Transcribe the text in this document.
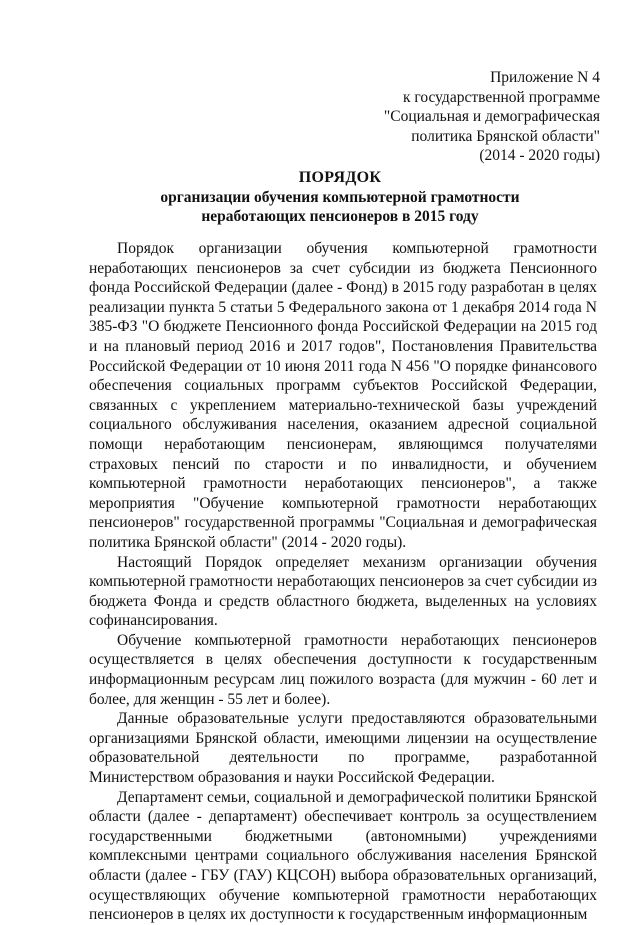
Приложение N 4
к государственной программе
"Социальная и демографическая
политика Брянской области"
(2014 - 2020 годы)
ПОРЯДОК
организации обучения компьютерной грамотности
неработающих пенсионеров в 2015 году

Порядок организации обучения компьютерной грамотности неработающих пенсионеров за счет субсидии из бюджета Пенсионного фонда Российской Федерации (далее - Фонд) в 2015 году разработан в целях реализации пункта 5 статьи 5 Федерального закона от 1 декабря 2014 года N 385-ФЗ "О бюджете Пенсионного фонда Российской Федерации на 2015 год и на плановый период 2016 и 2017 годов", Постановления Правительства Российской Федерации от 10 июня 2011 года N 456 "О порядке финансового обеспечения социальных программ субъектов Российской Федерации, связанных с укреплением материально-технической базы учреждений социального обслуживания населения, оказанием адресной социальной помощи неработающим пенсионерам, являющимся получателями страховых пенсий по старости и по инвалидности, и обучением компьютерной грамотности неработающих пенсионеров", а также мероприятия "Обучение компьютерной грамотности неработающих пенсионеров" государственной программы "Социальная и демографическая политика Брянской области" (2014 - 2020 годы).

Настоящий Порядок определяет механизм организации обучения компьютерной грамотности неработающих пенсионеров за счет субсидии из бюджета Фонда и средств областного бюджета, выделенных на условиях софинансирования.

Обучение компьютерной грамотности неработающих пенсионеров осуществляется в целях обеспечения доступности к государственным информационным ресурсам лиц пожилого возраста (для мужчин - 60 лет и более, для женщин - 55 лет и более).

Данные образовательные услуги предоставляются образовательными организациями Брянской области, имеющими лицензии на осуществление образовательной деятельности по программе, разработанной Министерством образования и науки Российской Федерации.

Департамент семьи, социальной и демографической политики Брянской области (далее - департамент) обеспечивает контроль за осуществлением государственными бюджетными (автономными) учреждениями комплексными центрами социального обслуживания населения Брянской области (далее - ГБУ (ГАУ) КЦСОН) выбора образовательных организаций, осуществляющих обучение компьютерной грамотности неработающих пенсионеров в целях их доступности к государственным информационным
